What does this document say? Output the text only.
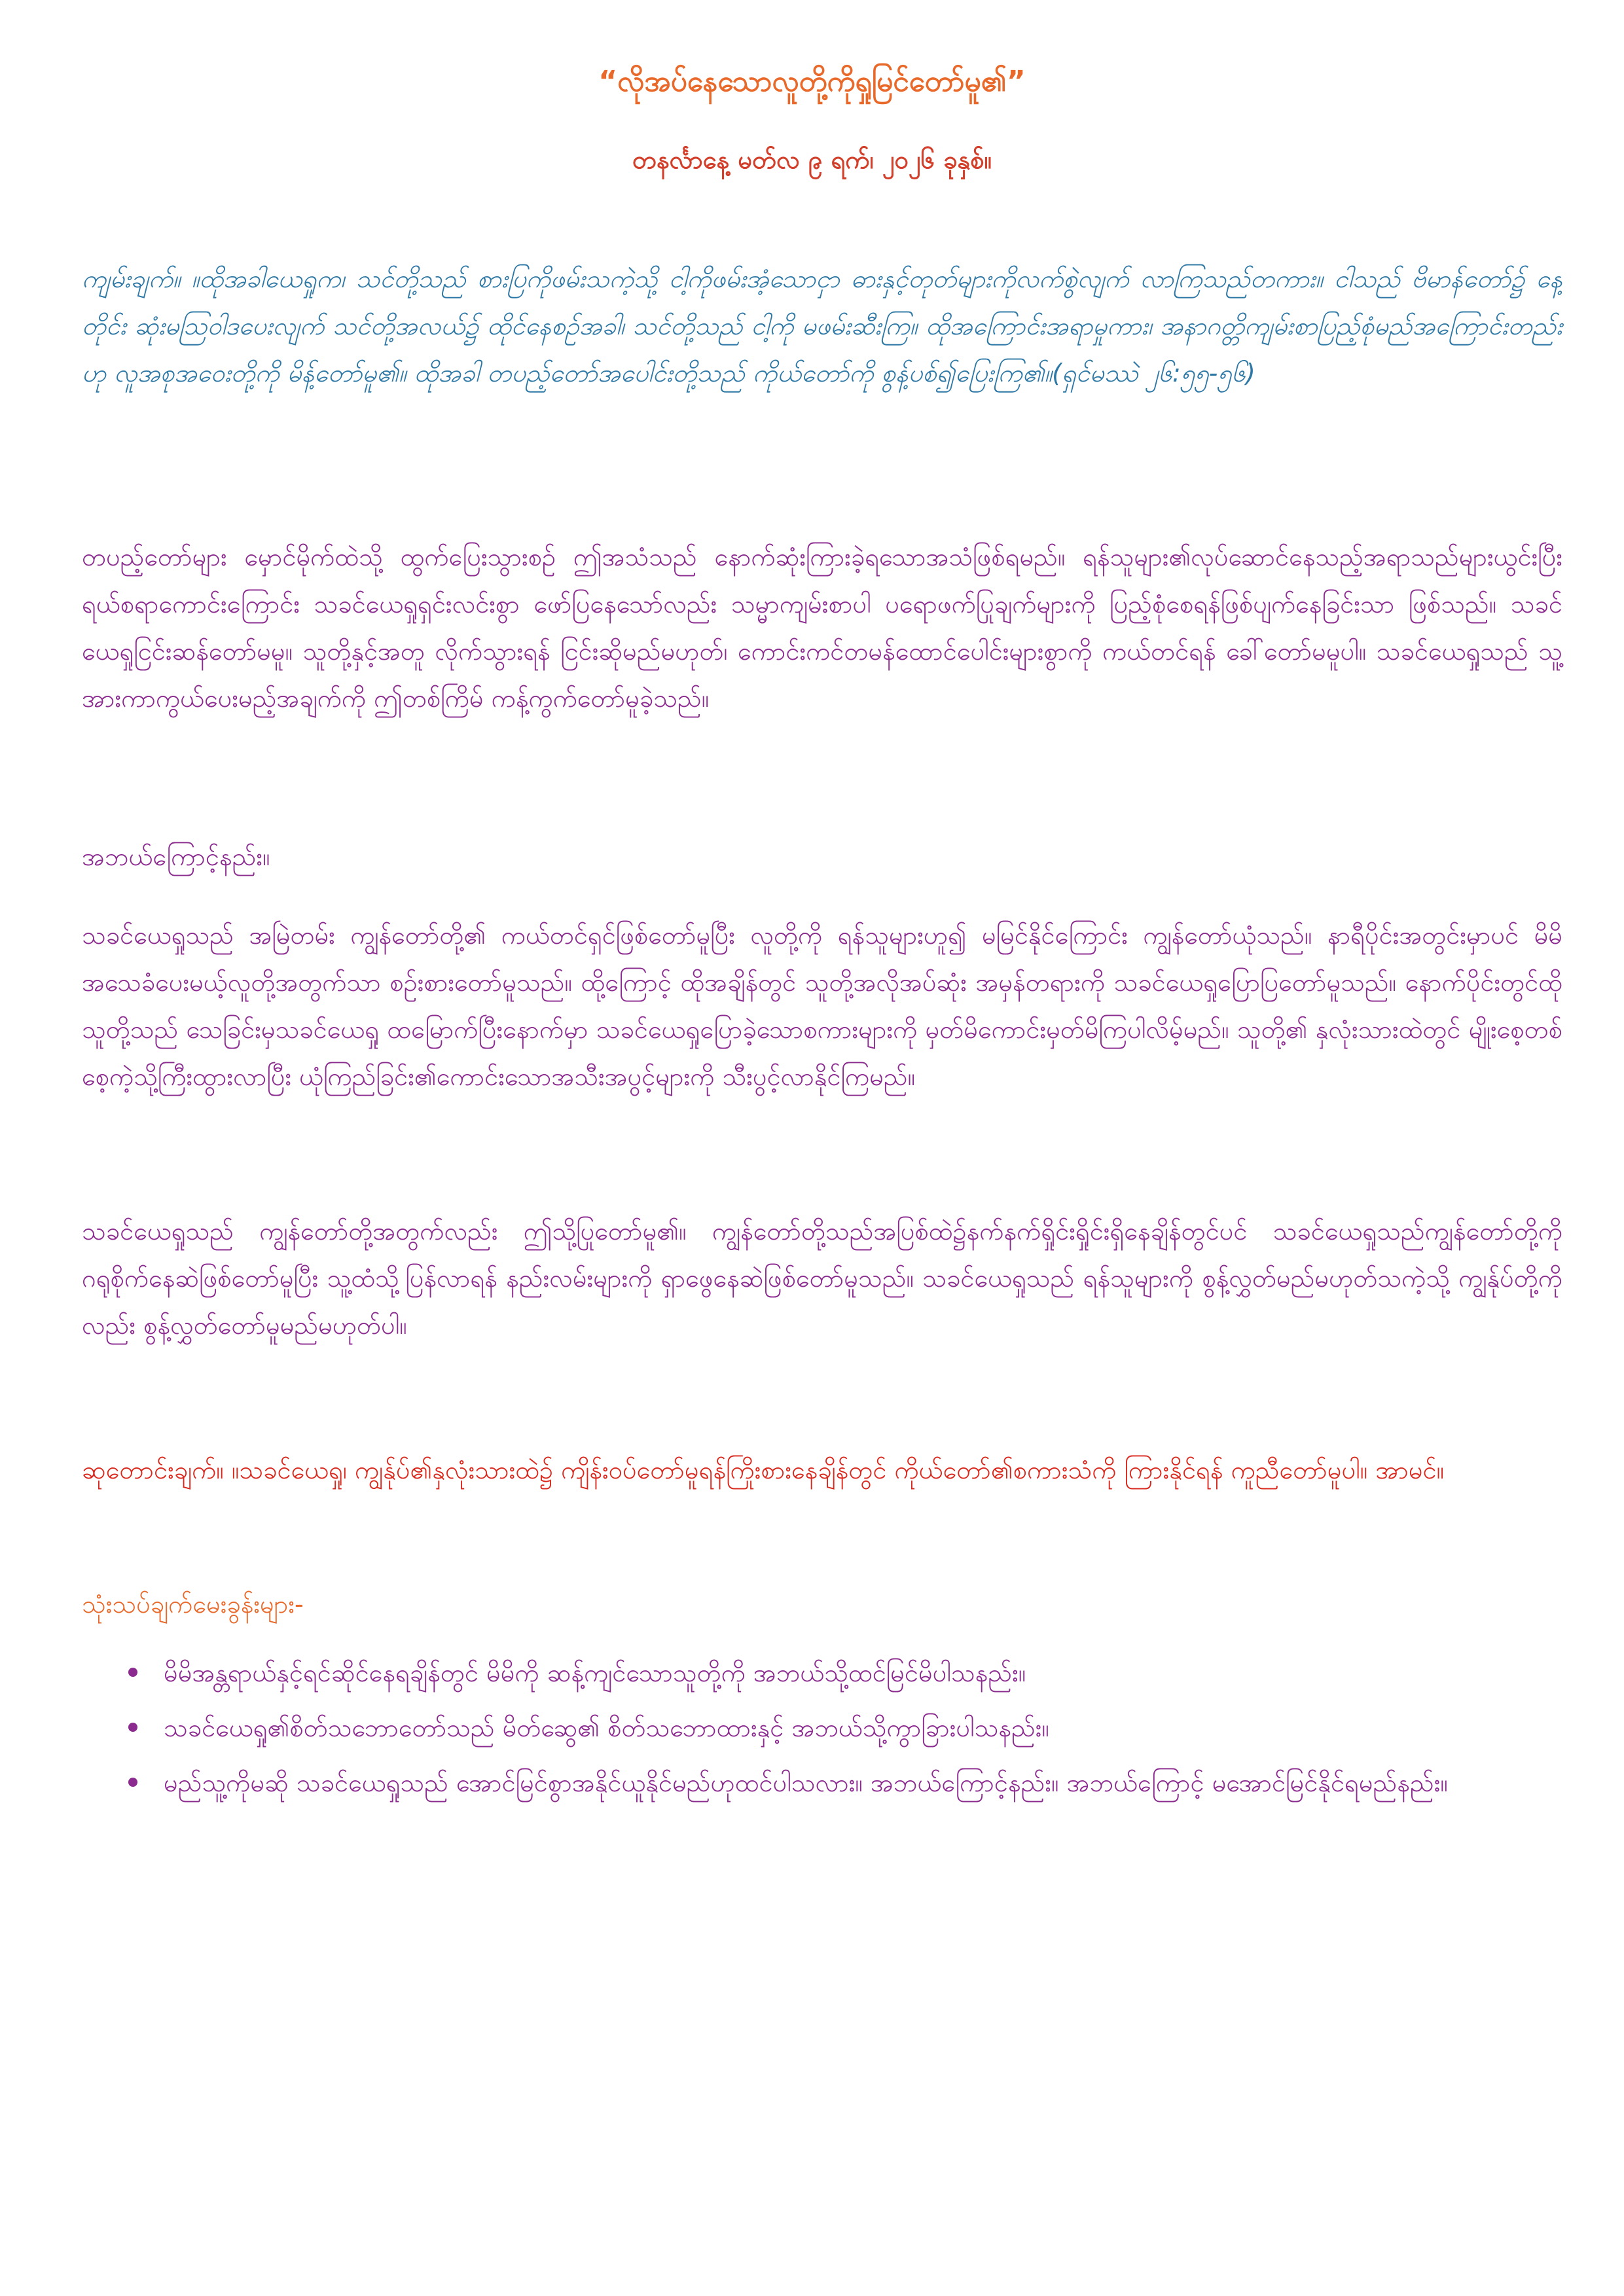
“လိုအပ်နေသောလူတို့ကိုရှုမြင်တော်မူ၏”
တနင်္လာနေ့ မတ်လ ၉ ရက်၊ ၂၀၂၆ ခုနှစ်။

ကျမ်းချက်။ ။ထိုအခါယေရှုက၊ သင်တို့သည် စားပြကိုဖမ်းသကဲ့သို့ ငါ့ကိုဖမ်းအံ့သောငှာ ဓားနှင့်တုတ်များကိုလက်စွဲလျက် လာကြသည်တကား။ ငါသည် ဗိမာန်တော်၌ နေ့တိုင်း ဆုံးမဩဝါဒပေးလျက် သင်တို့အလယ်၌ ထိုင်နေစဉ်အခါ၊ သင်တို့သည် ငါ့ကို မဖမ်းဆီးကြ။ ထိုအကြောင်းအရာမှုကား၊ အနာဂတ္တိကျမ်းစာပြည့်စုံမည်အကြောင်းတည်းဟု လူအစုအဝေးတို့ကို မိန့်တော်မူ၏။ ထိုအခါ တပည့်တော်အပေါင်းတို့သည် ကိုယ်တော်ကို စွန့်ပစ်၍ပြေးကြ၏။(ရှင်မဿဲ ၂၆:၅၅-၅၆)

တပည့်တော်များ မှောင်မိုက်ထဲသို့ ထွက်ပြေးသွားစဉ် ဤအသံသည် နောက်ဆုံးကြားခဲ့ရသောအသံဖြစ်ရမည်။ ရန်သူများ၏လုပ်ဆောင်နေသည့်အရာသည်များယွင်းပြီး ရယ်စရာကောင်းကြောင်း သခင်ယေရှုရှင်းလင်းစွာ ဖော်ပြနေသော်လည်း သမ္မာကျမ်းစာပါ ပရောဖက်ပြုချက်များကို ပြည့်စုံစေရန်ဖြစ်ပျက်နေခြင်းသာ ဖြစ်သည်။ သခင်ယေရှုငြင်းဆန်တော်မမူ။ သူတို့နှင့်အတူ လိုက်သွားရန် ငြင်းဆိုမည်မဟုတ်၊ ကောင်းကင်တမန်ထောင်ပေါင်းများစွာကို ကယ်တင်ရန် ခေါ်တော်မမူပါ။ သခင်ယေရှုသည် သူ့အားကာကွယ်ပေးမည့်အချက်ကို ဤတစ်ကြိမ် ကန့်ကွက်တော်မူခဲ့သည်။

အဘယ်ကြောင့်နည်း။

သခင်ယေရှုသည် အမြဲတမ်း ကျွန်တော်တို့၏ ကယ်တင်ရှင်ဖြစ်တော်မူပြီး လူတို့ကို ရန်သူများဟူ၍ မမြင်နိုင်ကြောင်း ကျွန်တော်ယုံသည်။ နာရီပိုင်းအတွင်းမှာပင် မိမိအသေခံပေးမယ့်လူတို့အတွက်သာ စဉ်းစားတော်မူသည်။ ထို့ကြောင့် ထိုအချိန်တွင် သူတို့အလိုအပ်ဆုံး အမှန်တရားကို သခင်ယေရှုပြောပြတော်မူသည်။ နောက်ပိုင်းတွင်ထိုသူတို့သည် သေခြင်းမှသခင်ယေရှု ထမြောက်ပြီးနောက်မှာ သခင်ယေရှုပြောခဲ့သောစကားများကို မှတ်မိကောင်းမှတ်မိကြပါလိမ့်မည်။ သူတို့၏ နှလုံးသားထဲတွင် မျိုးစေ့တစ်စေ့ကဲ့သို့ကြီးထွားလာပြီး ယုံကြည်ခြင်း၏ကောင်းသောအသီးအပွင့်များကို သီးပွင့်လာနိုင်ကြမည်။

သခင်ယေရှုသည် ကျွန်တော်တို့အတွက်လည်း ဤသို့ပြုတော်မူ၏။ ကျွန်တော်တို့သည်အပြစ်ထဲ၌နက်နက်ရှိုင်းရှိုင်းရှိနေချိန်တွင်ပင် သခင်ယေရှုသည်ကျွန်တော်တို့ကို ဂရုစိုက်နေဆဲဖြစ်တော်မူပြီး သူ့ထံသို့ပြန်လာရန် နည်းလမ်းများကို ရှာဖွေနေဆဲဖြစ်တော်မူသည်။ သခင်ယေရှုသည် ရန်သူများကို စွန့်လွှတ်မည်မဟုတ်သကဲ့သို့ ကျွန်ုပ်တို့ကိုလည်း စွန့်လွှတ်တော်မူမည်မဟုတ်ပါ။

ဆုတောင်းချက်။ ။သခင်ယေရှု၊ ကျွန်ုပ်၏နှလုံးသားထဲ၌ ကျိန်းဝပ်တော်မူရန်ကြိုးစားနေချိန်တွင် ကိုယ်တော်၏စကားသံကို ကြားနိုင်ရန် ကူညီတော်မူပါ။ အာမင်။

သုံးသပ်ချက်မေးခွန်းများ-

မိမိအန္တရာယ်နှင့်ရင်ဆိုင်နေရချိန်တွင် မိမိကို ဆန့်ကျင်သောသူတို့ကို အဘယ်သို့ထင်မြင်မိပါသနည်း။
သခင်ယေရှု၏စိတ်သဘောတော်သည် မိတ်ဆွေ၏ စိတ်သဘောထားနှင့် အဘယ်သို့ကွာခြားပါသနည်း။
မည်သူ့ကိုမဆို သခင်ယေရှုသည် အောင်မြင်စွာအနိုင်ယူနိုင်မည်ဟုထင်ပါသလား။ အဘယ်ကြောင့်နည်း။ အဘယ်ကြောင့် မအောင်မြင်နိုင်ရမည်နည်း။
